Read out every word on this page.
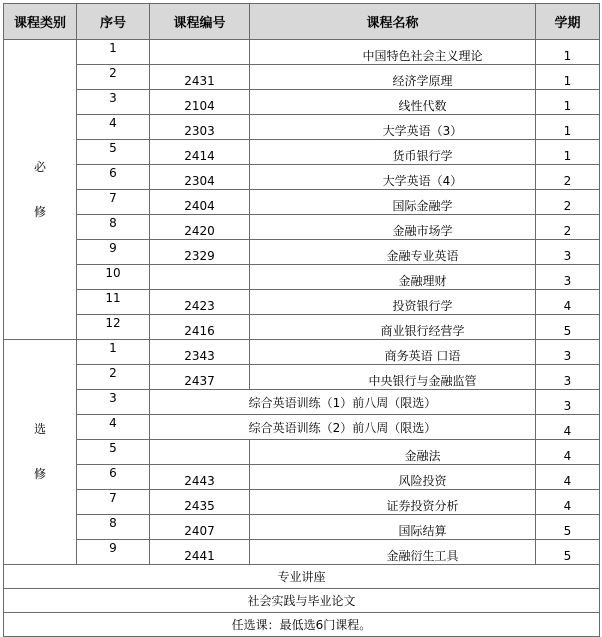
课程类别	序号	课程编号	课程名称	学期

必
修	1		中国特色社会主义理论	1
	2	2431	经济学原理	1
	3	2104	线性代数	1
	4	2303	大学英语（3）	1
	5	2414	货币银行学	1
	6	2304	大学英语（4）	2
	7	2404	国际金融学	2
	8	2420	金融市场学	2
	9	2329	金融专业英语	3
	10		金融理财	3
	11	2423	投资银行学	4
	12	2416	商业银行经营学	5

选
修	1	2343	商务英语 口语	3
	2	2437	中央银行与金融监管	3
	3	综合英语训练（1）前八周（限选）		3
	4	综合英语训练（2）前八周（限选）		4
	5		金融法	4
	6	2443	风险投资	4
	7	2435	证券投资分析	4
	8	2407	国际结算	5
	9	2441	金融衍生工具	5
专业讲座				
社会实践与毕业论文				
任选课：最低选6门课程。				
